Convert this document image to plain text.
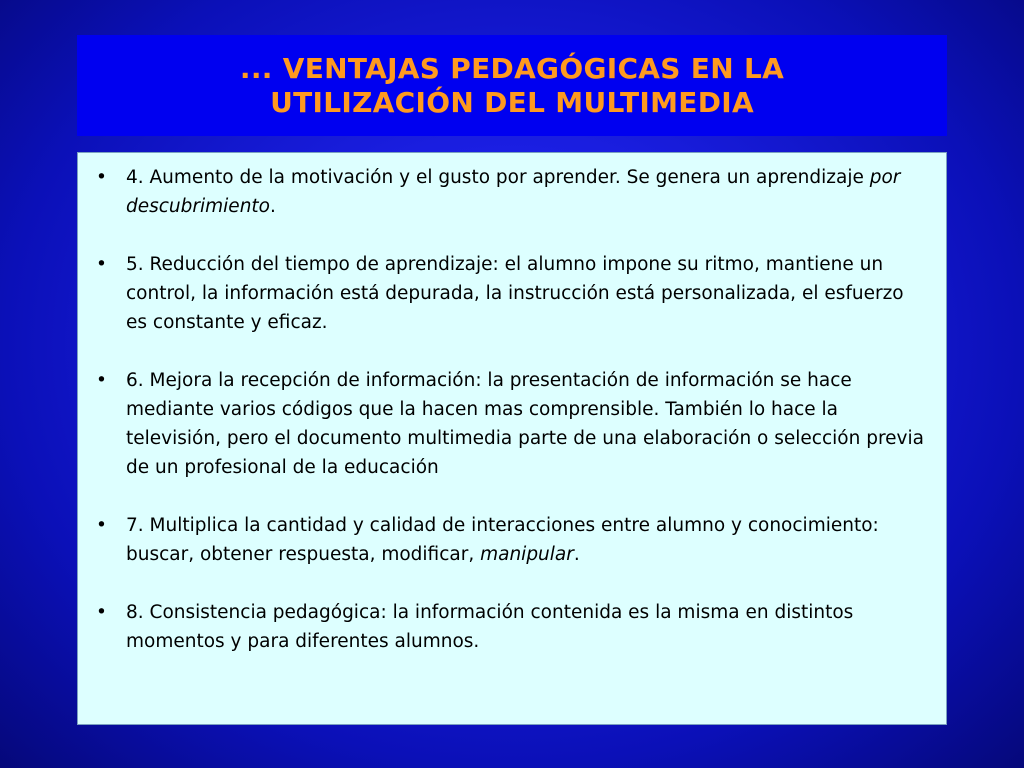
... VENTAJAS PEDAGÓGICAS EN LA
UTILIZACIÓN DEL MULTIMEDIA
• 4. Aumento de la motivación y el gusto por aprender. Se genera un aprendizaje por descubrimiento.
• 5. Reducción del tiempo de aprendizaje: el alumno impone su ritmo, mantiene un control, la información está depurada, la instrucción está personalizada, el esfuerzo es constante y eficaz.
• 6. Mejora la recepción de información: la presentación de información se hace mediante varios códigos que la hacen mas comprensible. También lo hace la televisión, pero el documento multimedia parte de una elaboración o selección previa de un profesional de la educación
• 7. Multiplica la cantidad y calidad de interacciones entre alumno y conocimiento: buscar, obtener respuesta, modificar, manipular.
• 8. Consistencia pedagógica: la información contenida es la misma en distintos momentos y para diferentes alumnos.
